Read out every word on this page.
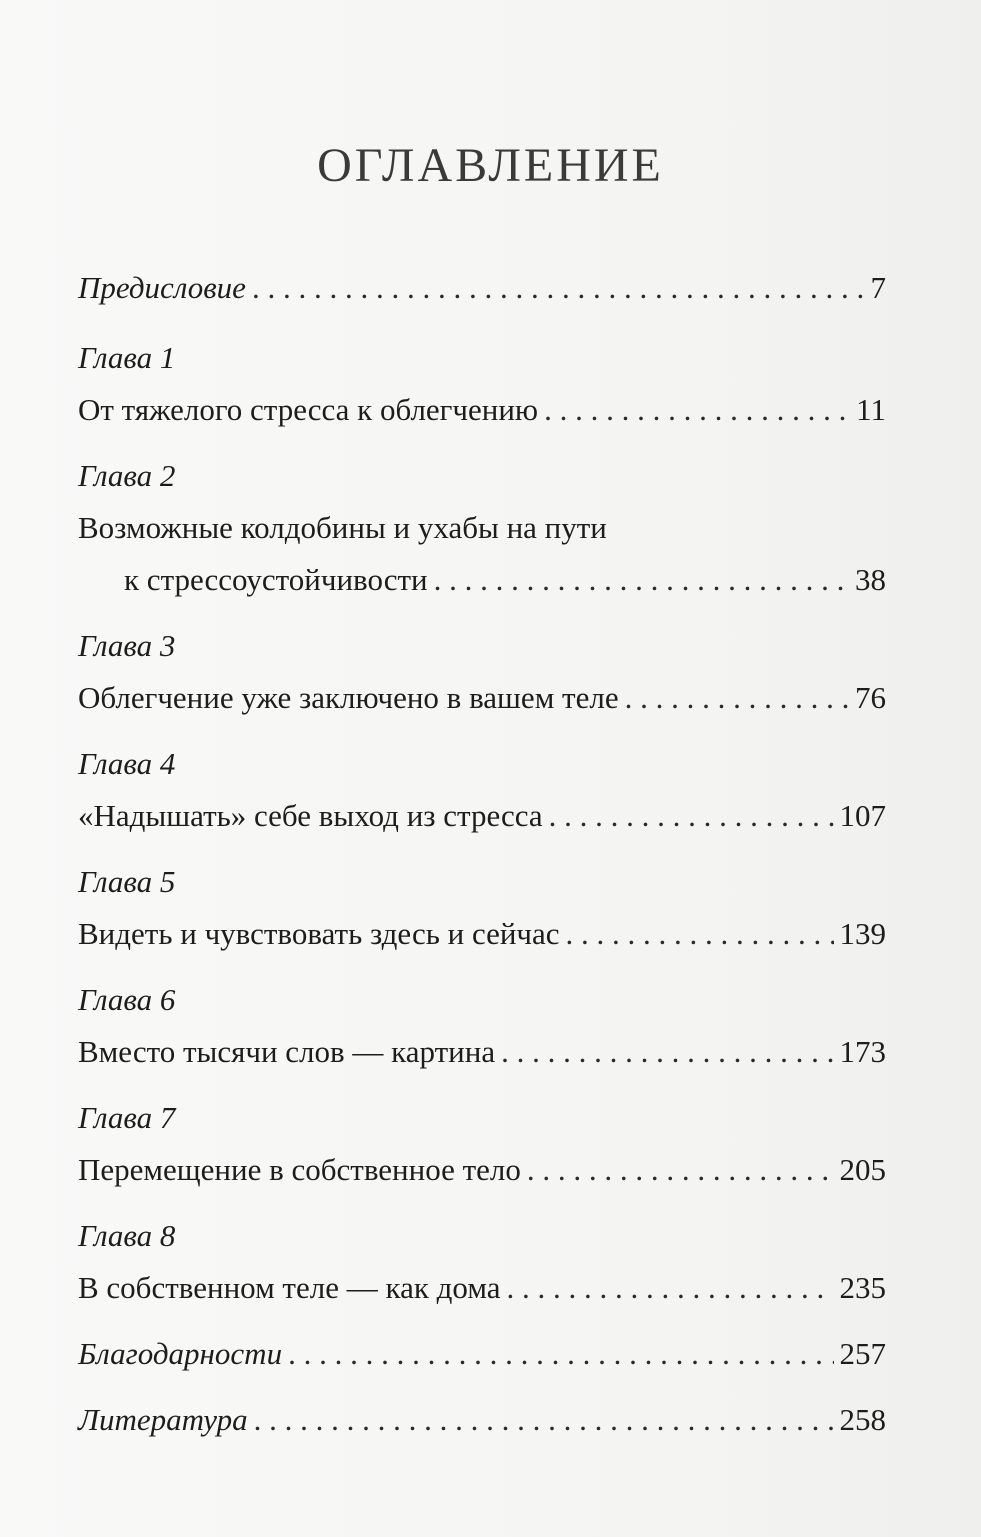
ОГЛАВЛЕНИЕ
Предисловие . . .	7
Глава 1
От тяжелого стресса к облегчению . . .	11
Глава 2
Возможные колдобины и ухабы на пути
к стрессоустойчивости . . .	38
Глава 3
Облегчение уже заключено в вашем теле . . .	76
Глава 4
«Надышать» себе выход из стресса . . .	107
Глава 5
Видеть и чувствовать здесь и сейчас . . .	139
Глава 6
Вместо тысячи слов — картина . . .	173
Глава 7
Перемещение в собственное тело . . .	205
Глава 8
В собственном теле — как дома . . .	235
Благодарности . . .	257
Литература . . .	258
